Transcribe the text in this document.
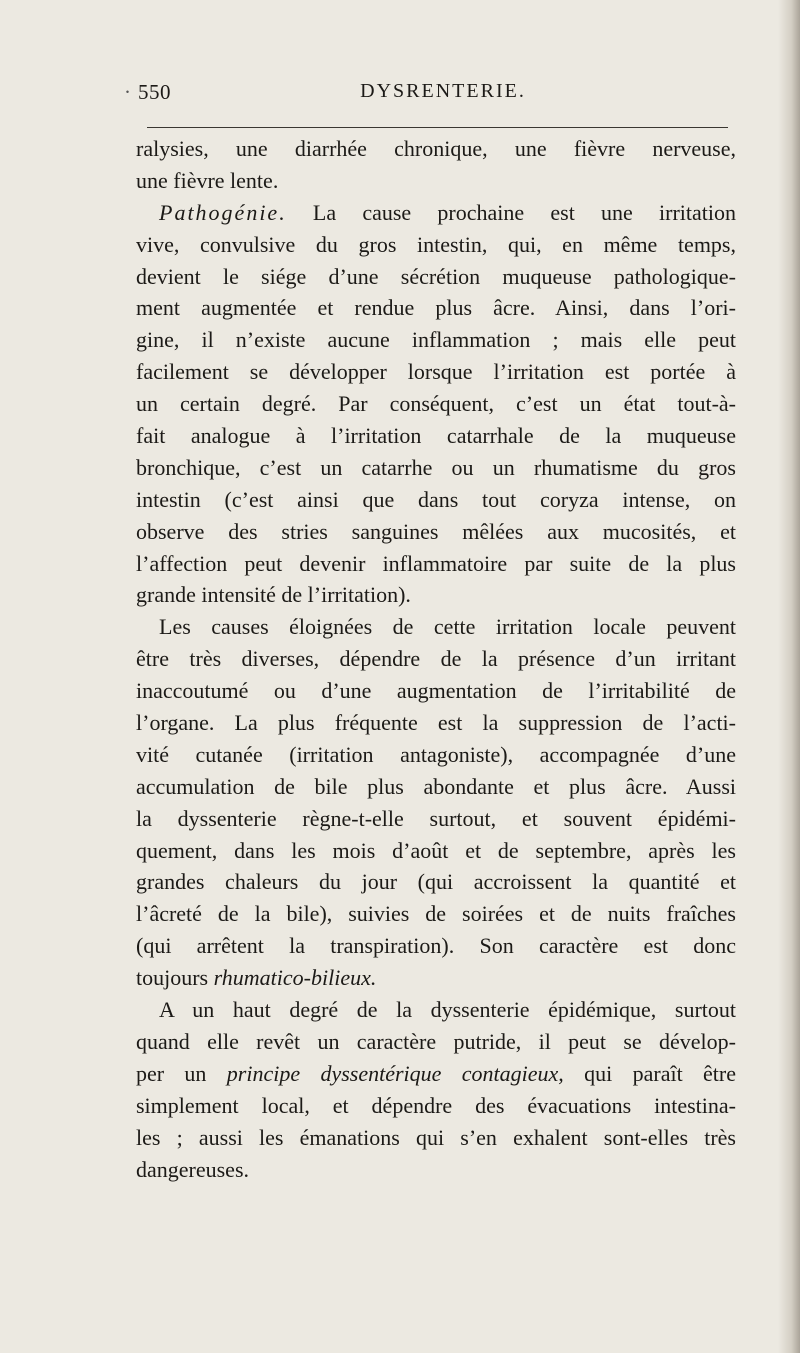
· 550	DYSRENTERIE.
ralysies, une diarrhée chronique, une fièvre nerveuse,
une fièvre lente.
Pathogénie. La cause prochaine est une irritation
vive, convulsive du gros intestin, qui, en même temps,
devient le siége d’une sécrétion muqueuse pathologique-
ment augmentée et rendue plus âcre. Ainsi, dans l’ori-
gine, il n’existe aucune inflammation ; mais elle peut
facilement se développer lorsque l’irritation est portée à
un certain degré. Par conséquent, c’est un état tout-à-
fait analogue à l’irritation catarrhale de la muqueuse
bronchique, c’est un catarrhe ou un rhumatisme du gros
intestin (c’est ainsi que dans tout coryza intense, on
observe des stries sanguines mêlées aux mucosités, et
l’affection peut devenir inflammatoire par suite de la plus
grande intensité de l’irritation).
Les causes éloignées de cette irritation locale peuvent
être très diverses, dépendre de la présence d’un irritant
inaccoutumé ou d’une augmentation de l’irritabilité de
l’organe. La plus fréquente est la suppression de l’acti-
vité cutanée (irritation antagoniste), accompagnée d’une
accumulation de bile plus abondante et plus âcre. Aussi
la dyssenterie règne-t-elle surtout, et souvent épidémi-
quement, dans les mois d’août et de septembre, après les
grandes chaleurs du jour (qui accroissent la quantité et
l’âcreté de la bile), suivies de soirées et de nuits fraîches
(qui arrêtent la transpiration). Son caractère est donc
toujours rhumatico-bilieux.
A un haut degré de la dyssenterie épidémique, surtout
quand elle revêt un caractère putride, il peut se dévelop-
per un principe dyssentérique contagieux, qui paraît être
simplement local, et dépendre des évacuations intestina-
les ; aussi les émanations qui s’en exhalent sont-elles très
dangereuses.
